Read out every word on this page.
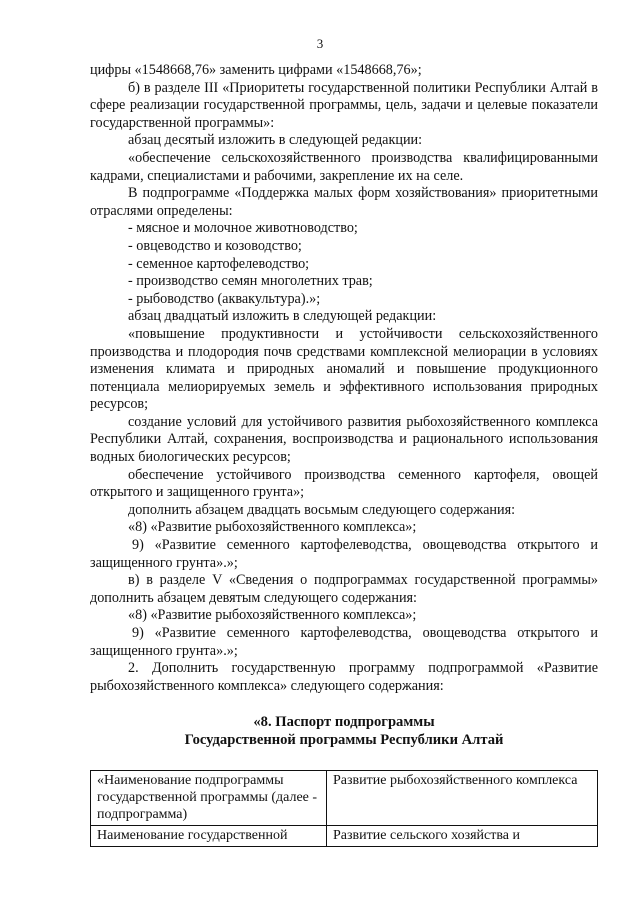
3

цифры «1548668,76» заменить цифрами «1548668,76»;

б) в разделе III «Приоритеты государственной политики Республики Алтай в сфере реализации государственной программы, цель, задачи и целевые показатели государственной программы»:

абзац десятый изложить в следующей редакции:

«обеспечение сельскохозяйственного производства квалифицированными кадрами, специалистами и рабочими, закрепление их на селе.

В подпрограмме «Поддержка малых форм хозяйствования» приоритетными отраслями определены:

- мясное и молочное животноводство;

- овцеводство и козоводство;

- семенное картофелеводство;

- производство семян многолетних трав;

- рыбоводство (аквакультура).»;

абзац двадцатый изложить в следующей редакции:

«повышение продуктивности и устойчивости сельскохозяйственного производства и плодородия почв средствами комплексной мелиорации в условиях изменения климата и природных аномалий и повышение продукционного потенциала мелиорируемых земель и эффективного использования природных ресурсов;

создание условий для устойчивого развития рыбохозяйственного комплекса Республики Алтай, сохранения, воспроизводства и рационального использования водных биологических ресурсов;

обеспечение устойчивого производства семенного картофеля, овощей открытого и защищенного грунта»;

дополнить абзацем двадцать восьмым следующего содержания:

«8) «Развитие рыбохозяйственного комплекса»;

9) «Развитие семенного картофелеводства, овощеводства открытого и защищенного грунта».»;

в) в разделе V «Сведения о подпрограммах государственной программы» дополнить абзацем девятым следующего содержания:

«8) «Развитие рыбохозяйственного комплекса»;

9) «Развитие семенного картофелеводства, овощеводства открытого и защищенного грунта».»;

2. Дополнить государственную программу подпрограммой «Развитие рыбохозяйственного комплекса» следующего содержания:

«8. Паспорт подпрограммы

Государственной программы Республики Алтай

«Наименование подпрограммы государственной программы (далее - подпрограмма)	Развитие рыбохозяйственного комплекса
Наименование государственной	Развитие сельского хозяйства и
